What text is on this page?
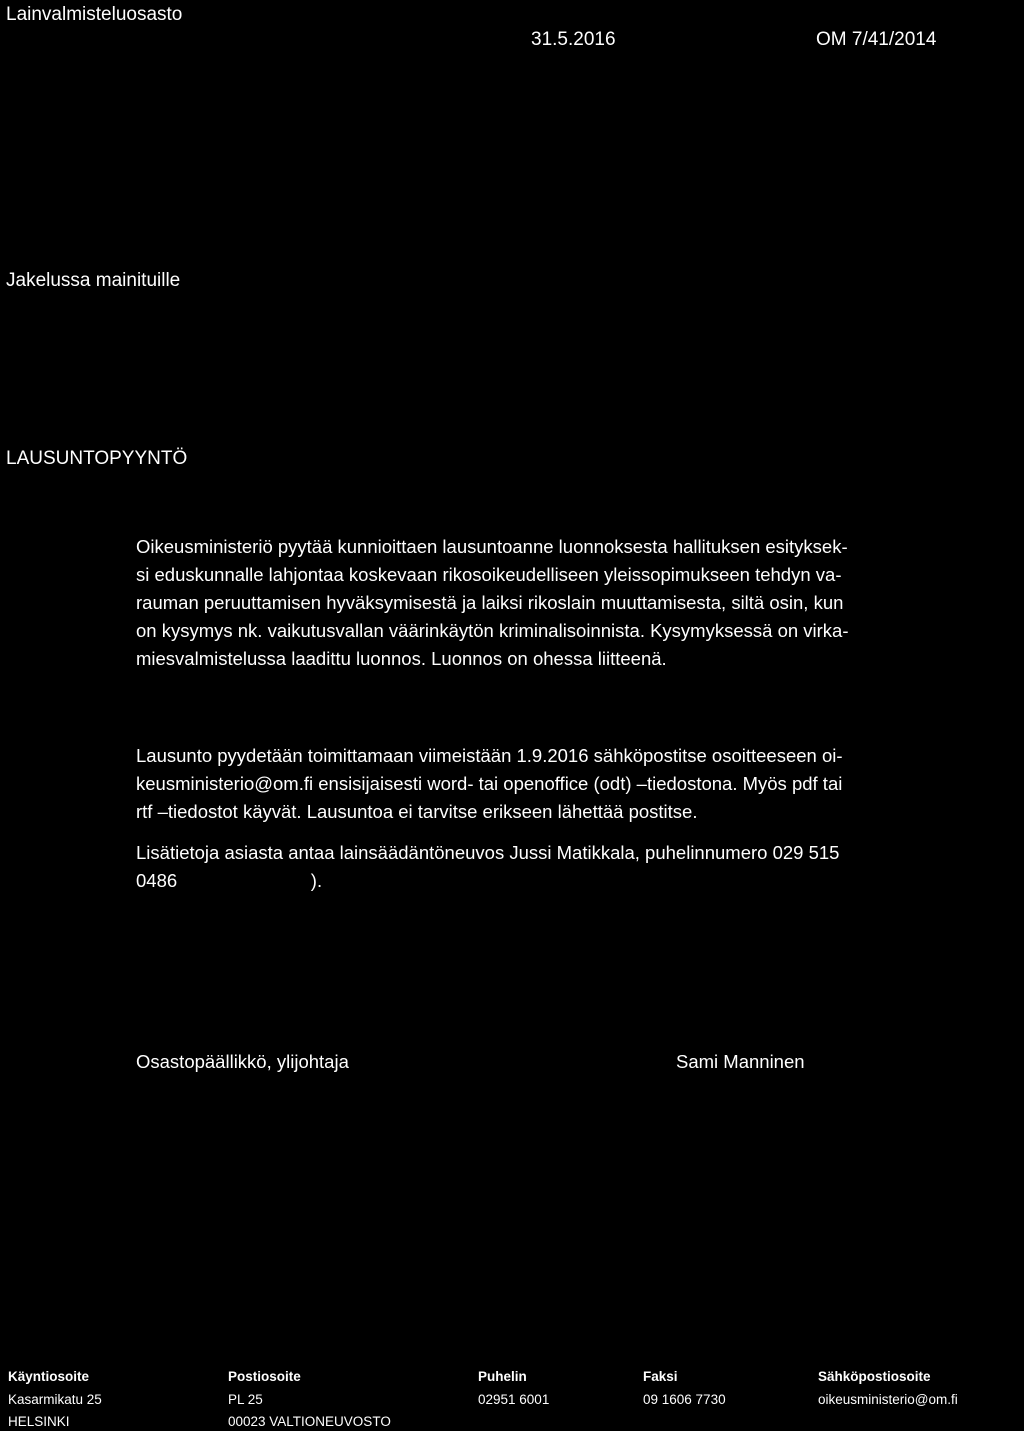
Lainvalmisteluosasto
31.5.2016	OM 7/41/2014
Jakelussa mainituille
LAUSUNTOPYYNTÖ

Oikeusministeriö pyytää kunnioittaen lausuntoanne luonnoksesta hallituksen esityksek-

si eduskunnalle lahjontaa koskevaan rikosoikeudelliseen yleissopimukseen tehdyn va-

rauman peruuttamisen hyväksymisestä ja laiksi rikoslain muuttamisesta, siltä osin, kun

on kysymys nk. vaikutusvallan väärinkäytön kriminalisoinnista. Kysymyksessä on virka-

miesvalmistelussa laadittu luonnos. Luonnos on ohessa liitteenä.

Lausunto pyydetään toimittamaan viimeistään 1.9.2016 sähköpostitse osoitteeseen oi-

keusministerio@om.fi ensisijaisesti word- tai openoffice (odt) –tiedostona. Myös pdf tai

rtf –tiedostot käyvät. Lausuntoa ei tarvitse erikseen lähettää postitse.

Lisätietoja asiasta antaa lainsäädäntöneuvos Jussi Matikkala, puhelinnumero 029 515

0486                          ).

Osastopäällikkö, ylijohtaja	Sami Manninen
Käyntiosoite
Kasarmikatu 25
HELSINKI
Postiosoite
PL 25
00023 VALTIONEUVOSTO
Puhelin
02951 6001
Faksi
09 1606 7730
Sähköpostiosoite
oikeusministerio@om.fi
